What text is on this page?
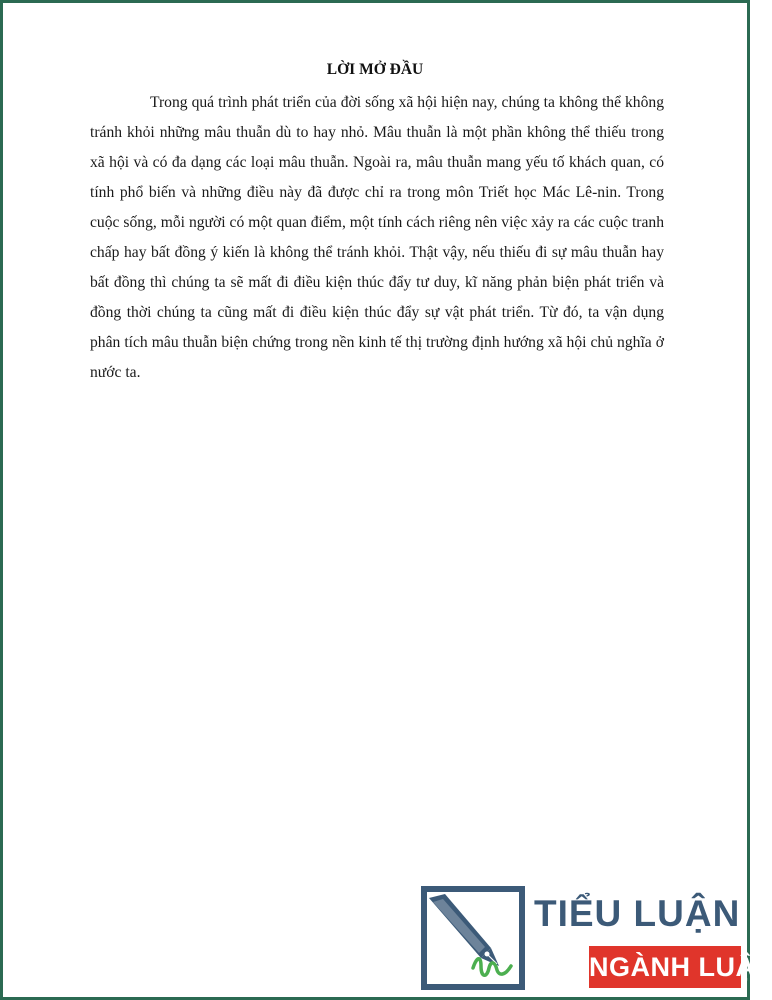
LỜI MỞ ĐẦU

Trong quá trình phát triển của đời sống xã hội hiện nay, chúng ta không thể không tránh khỏi những mâu thuẫn dù to hay nhỏ. Mâu thuẫn là một phần không thể thiếu trong xã hội và có đa dạng các loại mâu thuẫn. Ngoài ra, mâu thuẫn mang yếu tố khách quan, có tính phổ biến và những điều này đã được chỉ ra trong môn Triết học Mác Lê-nin. Trong cuộc sống, mỗi người có một quan điểm, một tính cách riêng nên việc xảy ra các cuộc tranh chấp hay bất đồng ý kiến là không thể tránh khỏi. Thật vậy, nếu thiếu đi sự mâu thuẫn hay bất đồng thì chúng ta sẽ mất đi điều kiện thúc đẩy tư duy, kĩ năng phản biện phát triển và đồng thời chúng ta cũng mất đi điều kiện thúc đẩy sự vật phát triển. Từ đó, ta vận dụng phân tích mâu thuẫn biện chứng trong nền kinh tế thị trường định hướng xã hội chủ nghĩa ở nước ta.

TIỂU LUẬN
NGÀNH LUẬT
